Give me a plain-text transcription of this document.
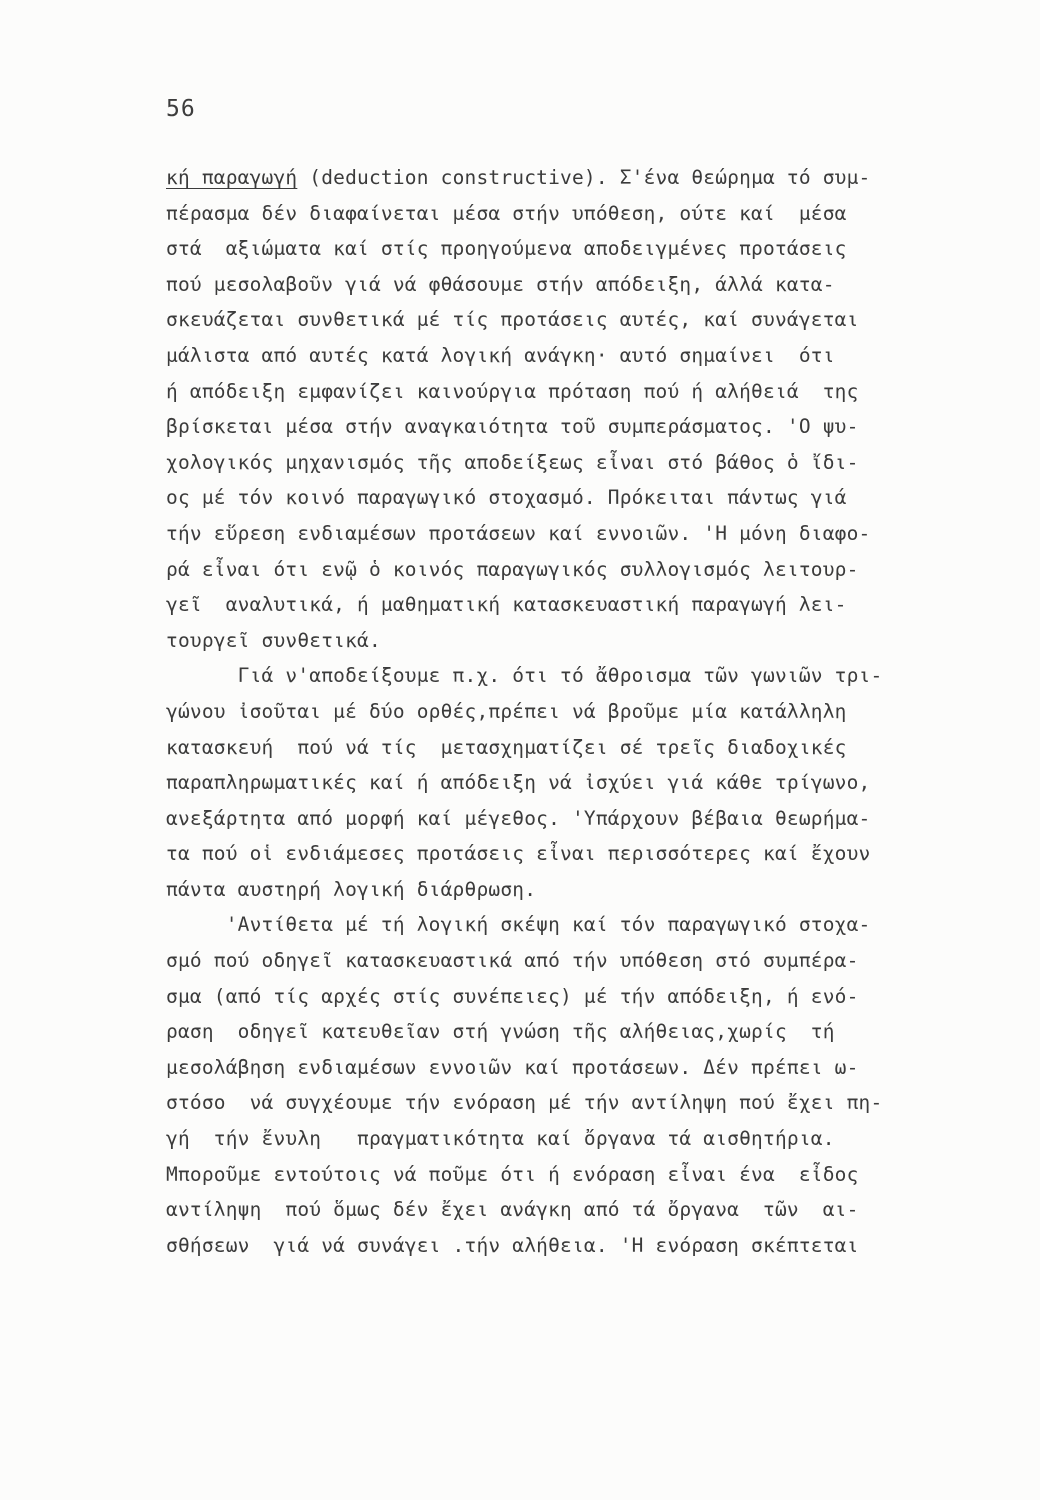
56
κή παραγωγή (deduction constructive). Σ'ένα θεώρημα τό συμ-
πέρασμα δέν διαφαίνεται μέσα στήν υπόθεση, ούτε καί  μέσα
στά  αξιώματα καί στίς προηγούμενα αποδειγμένες προτάσεις
πού μεσολαβοῦν γιά νά φθάσουμε στήν απόδειξη, άλλά κατα-
σκευάζεται συνθετικά μέ τίς προτάσεις αυτές, καί συνάγεται
μάλιστα από αυτές κατά λογική ανάγκη· αυτό σημαίνει  ότι
ή απόδειξη εμφανίζει καινούργια πρόταση πού ή αλήθειά  της
βρίσκεται μέσα στήν αναγκαιότητα τοῦ συμπεράσματος. 'Ο ψυ-
χολογικός μηχανισμός τῆς αποδείξεως εἶναι στό βάθος ὁ ἴδι-
ος μέ τόν κοινό παραγωγικό στοχασμό. Πρόκειται πάντως γιά
τήν εὕρεση ενδιαμέσων προτάσεων καί εννοιῶν. 'Η μόνη διαφο-
ρά εἶναι ότι ενῷ ὁ κοινός παραγωγικός συλλογισμός λειτουρ-
γεῖ  αναλυτικά, ή μαθηματική κατασκευαστική παραγωγή λει-
τουργεῖ συνθετικά.
Γιά ν'αποδείξουμε π.χ. ότι τό ἄθροισμα τῶν γωνιῶν τρι-
γώνου ἰσοῦται μέ δύο ορθές,πρέπει νά βροῦμε μία κατάλληλη
κατασκευή  πού νά τίς  μετασχηματίζει σέ τρεῖς διαδοχικές
παραπληρωματικές καί ή απόδειξη νά ἰσχύει γιά κάθε τρίγωνο,
ανεξάρτητα από μορφή καί μέγεθος. 'Υπάρχουν βέβαια θεωρήμα-
τα πού οἱ ενδιάμεσες προτάσεις εἶναι περισσότερες καί ἔχουν
πάντα αυστηρή λογική διάρθρωση.
'Αντίθετα μέ τή λογική σκέψη καί τόν παραγωγικό στοχα-
σμό πού οδηγεῖ κατασκευαστικά από τήν υπόθεση στό συμπέρα-
σμα (από τίς αρχές στίς συνέπειες) μέ τήν απόδειξη, ή ενό-
ραση  οδηγεῖ κατευθεῖαν στή γνώση τῆς αλήθειας,χωρίς  τή
μεσολάβηση ενδιαμέσων εννοιῶν καί προτάσεων. Δέν πρέπει ω-
στόσο  νά συγχέουμε τήν ενόραση μέ τήν αντίληψη πού ἔχει πη-
γή  τήν ἔνυλη   πραγματικότητα καί ὄργανα τά αισθητήρια.
Μπορoῦμε εντούτοις νά ποῦμε ότι ή ενόραση εἶναι ένα  εἶδος
αντίληψη  πού ὅμως δέν ἔχει ανάγκη από τά ὄργανα  τῶν  αι-
σθήσεων  γιά νά συνάγει .τήν αλήθεια. 'Η ενόραση σκέπτεται
